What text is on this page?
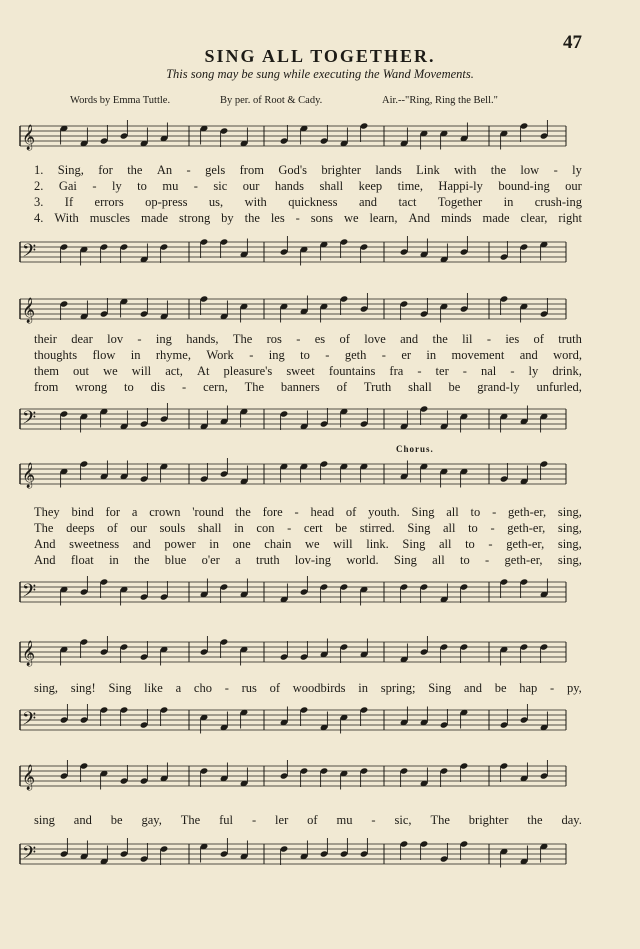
47
SING ALL TOGETHER.
This song may be sung while executing the Wand Movements.
Words by Emma Tuttle.	By per. of Root & Cady.	Air.--"Ring, Ring the Bell."
𝄞
1. Sing, for the An - gels from God's brighter lands Link with the low - ly
2. Gai - ly to mu - sic our hands shall keep time, Happi-ly bound-ing our
3. If errors op-press us, with quickness and tact Together in crush-ing
4. With muscles made strong by the les - sons we learn, And minds made clear, right
𝄢
𝄞
their dear lov - ing hands, The ros - es of love and the lil - ies of truth
thoughts flow in rhyme, Work - ing to - geth - er in movement and word,
them out we will act, At pleasure's sweet fountains fra - ter - nal - ly drink,
from wrong to dis - cern, The banners of Truth shall be grand-ly unfurled,
𝄢
Chorus.
𝄞
They bind for a crown 'round the fore - head of youth. Sing all to - geth-er, sing,
The deeps of our souls shall in con - cert be stirred. Sing all to - geth-er, sing,
And sweetness and power in one chain we will link. Sing all to - geth-er, sing,
And float in the blue o'er a truth lov-ing world. Sing all to - geth-er, sing,
𝄢
𝄞
sing, sing! Sing like a cho - rus of woodbirds in spring; Sing and be hap - py,
𝄢
𝄞
sing and be gay, The ful - ler of mu - sic, The brighter the day.
𝄢
